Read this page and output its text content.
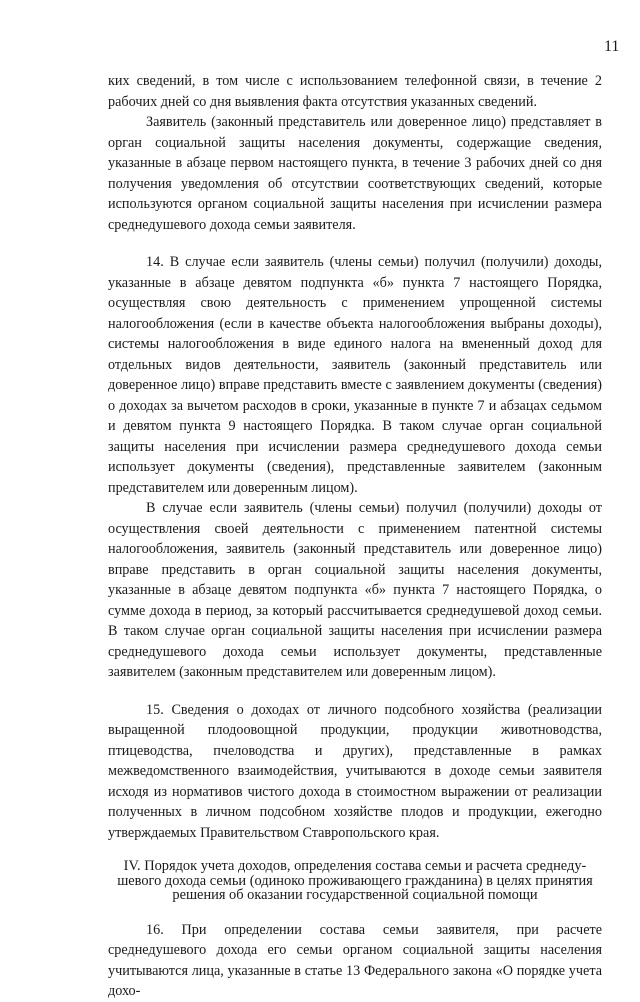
11

ких сведений, в том числе с использованием телефонной связи, в течение 2 рабочих дней со дня выявления факта отсутствия указанных сведений.

Заявитель (законный представитель или доверенное лицо) представляет в орган социальной защиты населения документы, содержащие сведения, указанные в абзаце первом настоящего пункта, в течение 3 рабочих дней со дня получения уведомления об отсутствии соответствующих сведений, которые используются органом социальной защиты населения при исчислении размера среднедушевого дохода семьи заявителя.

14. В случае если заявитель (члены семьи) получил (получили) доходы, указанные в абзаце девятом подпункта «б» пункта 7 настоящего Порядка, осуществляя свою деятельность с применением упрощенной системы налогообложения (если в качестве объекта налогообложения выбраны доходы), системы налогообложения в виде единого налога на вмененный доход для отдельных видов деятельности, заявитель (законный представитель или доверенное лицо) вправе представить вместе с заявлением документы (сведения) о доходах за вычетом расходов в сроки, указанные в пункте 7 и абзацах седьмом и девятом пункта 9 настоящего Порядка. В таком случае орган социальной защиты населения при исчислении размера среднедушевого дохода семьи использует документы (сведения), представленные заявителем (законным представителем или доверенным лицом).

В случае если заявитель (члены семьи) получил (получили) доходы от осуществления своей деятельности с применением патентной системы налогообложения, заявитель (законный представитель или доверенное лицо) вправе представить в орган социальной защиты населения документы, указанные в абзаце девятом подпункта «б» пункта 7 настоящего Порядка, о сумме дохода в период, за который рассчитывается среднедушевой доход семьи. В таком случае орган социальной защиты населения при исчислении размера среднедушевого дохода семьи использует документы, представленные заявителем (законным представителем или доверенным лицом).

15. Сведения о доходах от личного подсобного хозяйства (реализации выращенной плодоовощной продукции, продукции животноводства, птицеводства, пчеловодства и других), представленные в рамках межведомственного взаимодействия, учитываются в доходе семьи заявителя исходя из нормативов чистого дохода в стоимостном выражении от реализации полученных в личном подсобном хозяйстве плодов и продукции, ежегодно утверждаемых Правительством Ставропольского края.

IV. Порядок учета доходов, определения состава семьи и расчета среднеду-
шевого дохода семьи (одиноко проживающего гражданина) в целях принятия
решения об оказании государственной социальной помощи

16. При определении состава семьи заявителя, при расчете среднедушевого дохода его семьи органом социальной защиты населения учитываются лица, указанные в статье 13 Федерального закона «О порядке учета дохо-
